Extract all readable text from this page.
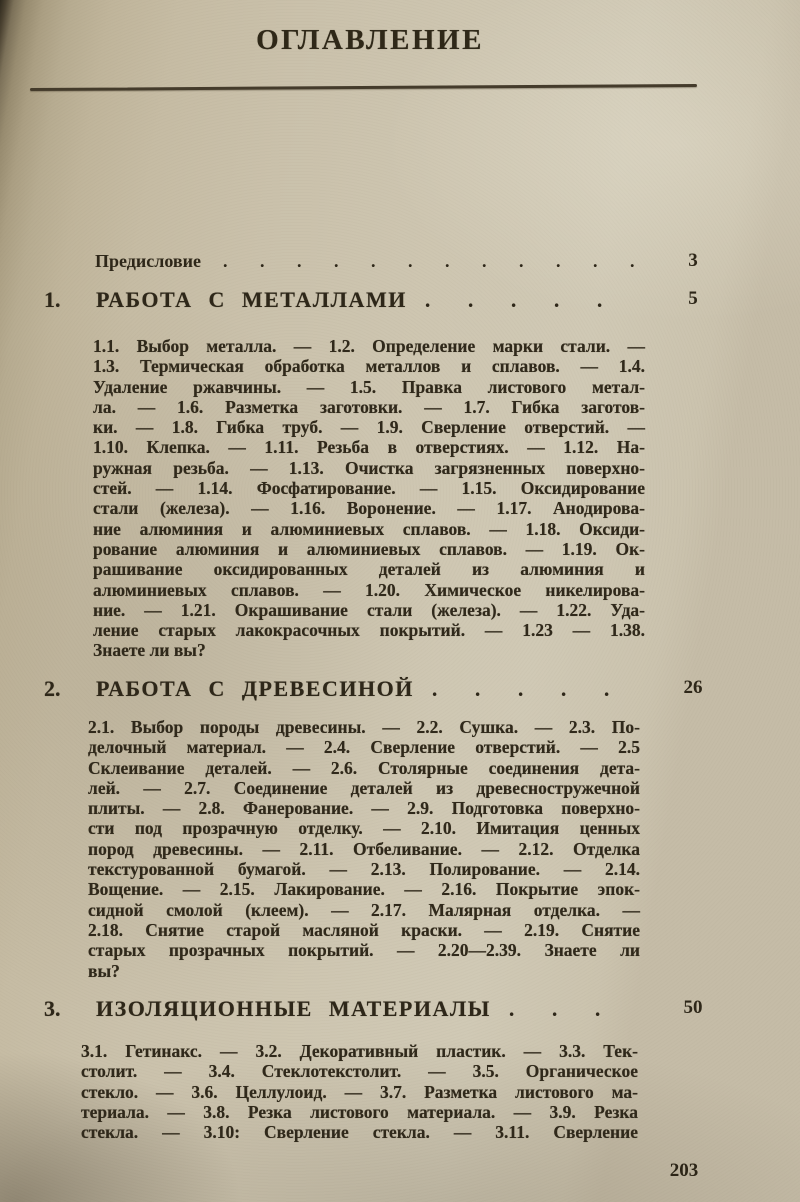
ОГЛАВЛЕНИЕ
Предисловие . . . . . . . . . . . .	3
1.	РАБОТА С МЕТАЛЛАМИ . . . . .	5
1.1. Выбор металла. — 1.2. Определение марки стали. —
1.3. Термическая обработка металлов и сплавов. — 1.4.
Удаление ржавчины. — 1.5. Правка листового метал-
ла. — 1.6. Разметка заготовки. — 1.7. Гибка заготов-
ки. — 1.8. Гибка труб. — 1.9. Сверление отверстий. —
1.10. Клепка. — 1.11. Резьба в отверстиях. — 1.12. На-
ружная резьба. — 1.13. Очистка загрязненных поверхно-
стей. — 1.14. Фосфатирование. — 1.15. Оксидирование
стали (железа). — 1.16. Воронение. — 1.17. Анодирова-
ние алюминия и алюминиевых сплавов. — 1.18. Оксиди-
рование алюминия и алюминиевых сплавов. — 1.19. Ок-
рашивание оксидированных деталей из алюминия и
алюминиевых сплавов. — 1.20. Химическое никелирова-
ние. — 1.21. Окрашивание стали (железа). — 1.22. Уда-
ление старых лакокрасочных покрытий. — 1.23 — 1.38.
Знаете ли вы?
2.	РАБОТА С ДРЕВЕСИНОЙ . . . . .	26
2.1. Выбор породы древесины. — 2.2. Сушка. — 2.3. По-
делочный материал. — 2.4. Сверление отверстий. — 2.5
Склеивание деталей. — 2.6. Столярные соединения дета-
лей. — 2.7. Соединение деталей из древесностружечной
плиты. — 2.8. Фанерование. — 2.9. Подготовка поверхно-
сти под прозрачную отделку. — 2.10. Имитация ценных
пород древесины. — 2.11. Отбеливание. — 2.12. Отделка
текстурованной бумагой. — 2.13. Полирование. — 2.14.
Вощение. — 2.15. Лакирование. — 2.16. Покрытие эпок-
сидной смолой (клеем). — 2.17. Малярная отделка. —
2.18. Снятие старой масляной краски. — 2.19. Снятие
старых прозрачных покрытий. — 2.20—2.39. Знаете ли
вы?
3.	ИЗОЛЯЦИОННЫЕ МАТЕРИАЛЫ . . .	50
3.1. Гетинакс. — 3.2. Декоративный пластик. — 3.3. Тек-
столит. — 3.4. Стеклотекстолит. — 3.5. Органическое
стекло. — 3.6. Целлулоид. — 3.7. Разметка листового ма-
териала. — 3.8. Резка листового материала. — 3.9. Резка
стекла. — 3.10: Сверление стекла. — 3.11. Сверление
203
